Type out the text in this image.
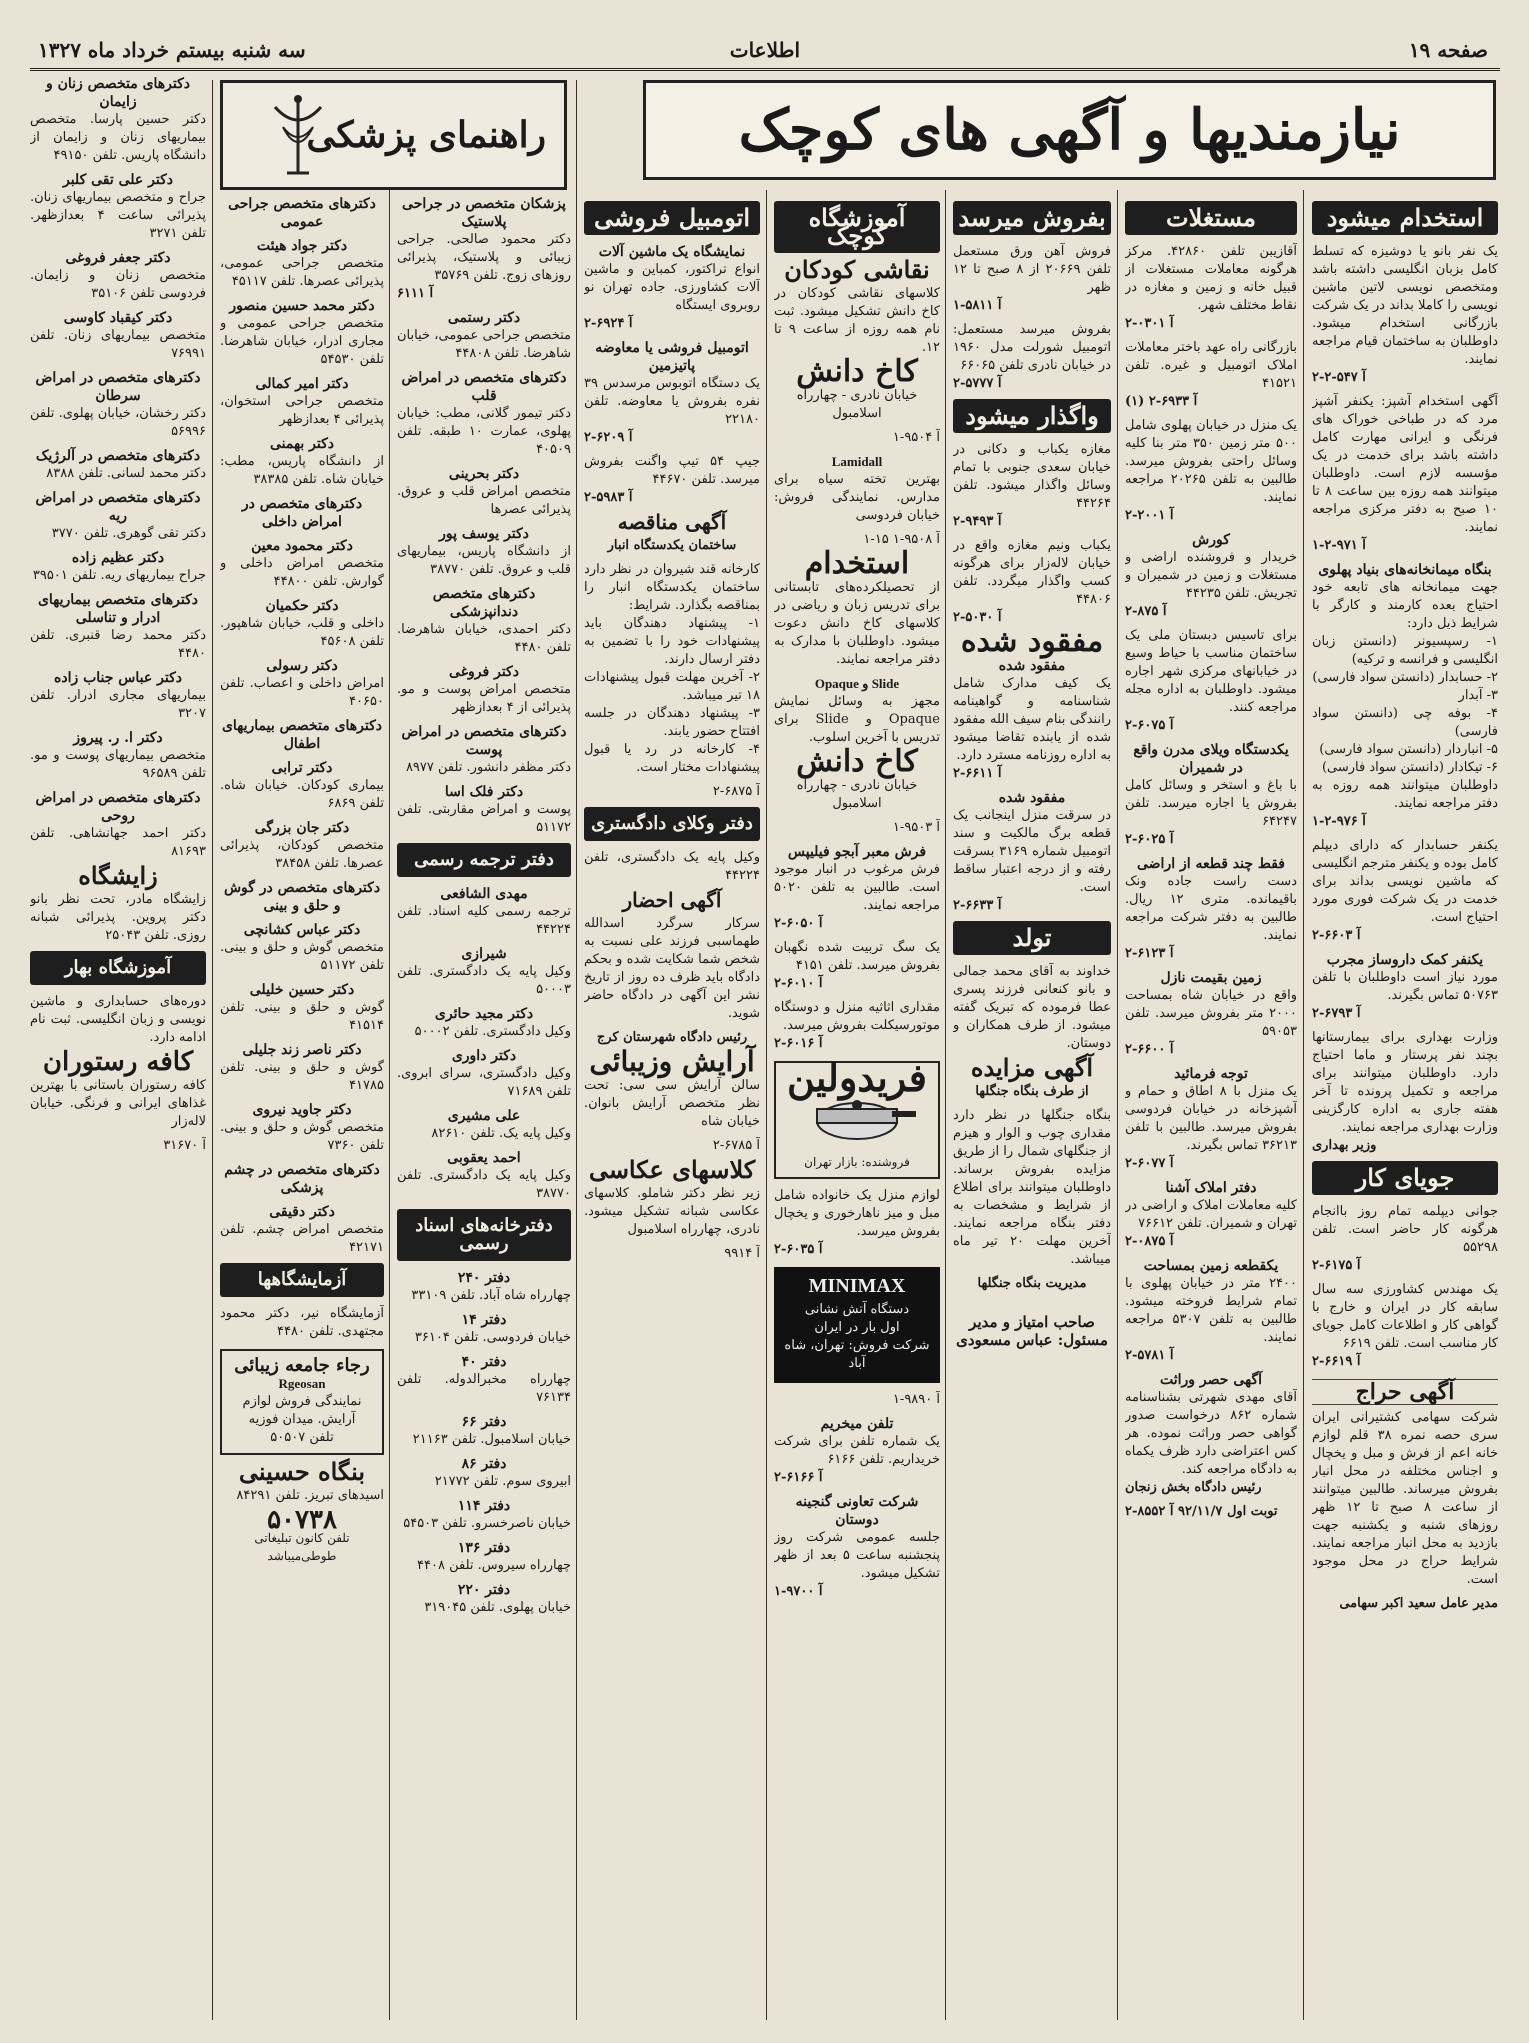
صفحه ۱۹
اطلاعات
سه شنبه بیستم خرداد ماه ۱۳۲۷
نیازمندیها و آگهی های کوچک
راهنمای پزشکی
استخدام میشود
یک نفر بانو یا دوشیزه که تسلط کامل بزبان انگلیسی داشته باشد ومتخصص نویسی لاتین ماشین نویسی را کاملا بداند در یک شرکت بازرگانی استخدام میشود. داوطلبان به ساختمان قیام مراجعه نمایند.
آ ۵۴۷-۲-۲
آگهی استخدام آشپز: یکنفر آشپز مرد که در طباخی خوراک های فرنگی و ایرانی مهارت کامل داشته باشد برای خدمت در یک مؤسسه لازم است. داوطلبان میتوانند همه روزه بین ساعت ۸ تا ۱۰ صبح به دفتر مرکزی مراجعه نمایند.
آ ۹۷۱-۲-۱
بنگاه میمانخانه‌های بنیاد پهلوی
جهت میمانخانه های تابعه خود احتیاج بعده کارمند و کارگر با شرایط ذیل دارد:
۱- رسپسیونر (دانستن زبان انگلیسی و فرانسه و ترکیه)
۲- حسابدار (دانستن سواد فارسی)
۳- آبدار
۴- بوفه چی (دانستن سواد فارسی)
۵- انباردار (دانستن سواد فارسی)
۶- تیکادار (دانستن سواد فارسی)
داوطلبان میتوانند همه روزه به دفتر مراجعه نمایند.
آ ۹۷۶-۲-۱
یکنفر حسابدار که دارای دیپلم کامل بوده و یکنفر مترجم انگلیسی که ماشین نویسی بداند برای خدمت در یک شرکت فوری مورد احتیاج است.
آ ۶۶۰۳-۲
یکنفر کمک داروساز مجرب
مورد نیاز است داوطلبان با تلفن ۵۰۷۶۳ تماس بگیرند.
آ ۶۷۹۳-۲
وزارت بهداری برای بیمارستانها بچند نفر پرستار و ماما احتیاج دارد. داوطلبان میتوانند برای مراجعه و تکمیل پرونده تا آخر هفته جاری به اداره کارگزینی وزارت بهداری مراجعه نمایند.
وزیر بهداری
جویای کار
جوانی دیپلمه تمام روز باانجام هرگونه کار حاضر است. تلفن ۵۵۲۹۸
آ ۶۱۷۵-۲
یک مهندس کشاورزی سه سال سابقه کار در ایران و خارج با گواهی کار و اطلاعات کامل جویای کار مناسب است. تلفن ۶۶۱۹
آ ۶۶۱۹-۲
آگهی حراج
شرکت سهامی کشتیرانی ایران سری حصه نمره ۳۸ قلم لوازم خانه اعم از فرش و مبل و یخچال و اجناس مختلفه در محل انبار بفروش میرساند. طالبین میتوانند از ساعت ۸ صبح تا ۱۲ ظهر روزهای شنبه و یکشنبه جهت بازدید به محل انبار مراجعه نمایند. شرایط حراج در محل موجود است.
مدیر عامل سعید اکبر سهامی
مستغلات
آقازیبن تلفن ۴۲۸۶۰. مرکز هرگونه معاملات مستغلات از قبیل خانه و زمین و مغازه در نقاط مختلف شهر.
آ ۰۳۰۱-۲
بازرگانی راه عهد باختر معاملات املاک اتومبیل و غیره. تلفن ۴۱۵۲۱
(۱) آ ۶۹۳۳-۲
یک منزل در خیابان پهلوی شامل ۵۰۰ متر زمین ۳۵۰ متر بنا کلیه وسائل راحتی بفروش میرسد. طالبین به تلفن ۲۰۲۶۵ مراجعه نمایند.
آ ۲۰۰۱-۲
کورش
خریدار و فروشنده اراضی و مستغلات و زمین در شمیران و تجریش. تلفن ۴۴۲۳۵
آ ۸۷۵-۲
برای تاسیس دبستان ملی یک ساختمان مناسب با حیاط وسیع در خیابانهای مرکزی شهر اجاره میشود. داوطلبان به اداره مجله مراجعه کنند.
آ ۶۰۷۵-۲
یکدستگاه ویلای مدرن واقع در شمیران
با باغ و استخر و وسائل کامل بفروش یا اجاره میرسد. تلفن ۶۴۲۴۷
آ ۶۰۲۵-۲
فقط چند قطعه از اراضی
دست راست جاده ونک باقیمانده. متری ۱۲ ریال. طالبین به دفتر شرکت مراجعه نمایند.
آ ۶۱۲۳-۲
زمین بقیمت نازل
واقع در خیابان شاه بمساحت ۲۰۰۰ متر بفروش میرسد. تلفن ۵۹۰۵۳
آ ۶۶۰۰-۲
توجه فرمائید
یک منزل با ۸ اطاق و حمام و آشپزخانه در خیابان فردوسی بفروش میرسد. طالبین با تلفن ۳۶۲۱۳ تماس بگیرند.
آ ۶۰۷۷-۲
دفتر املاک آشنا
کلیه معاملات املاک و اراضی در تهران و شمیران. تلفن ۷۶۶۱۲
آ ۰۸۷۵-۲
یکقطعه زمین بمساحت
۲۴۰۰ متر در خیابان پهلوی با تمام شرایط فروخته میشود. طالبین به تلفن ۵۳۰۷ مراجعه نمایند.
آ ۵۷۸۱-۲
آگهی حصر وراثت
آقای مهدی شهرتی بشناسنامه شماره ۸۶۲ درخواست صدور گواهی حصر وراثت نموده. هر کس اعتراضی دارد ظرف یکماه به دادگاه مراجعه کند.
رئیس دادگاه بخش زنجان
توبت اول ۹۲/۱۱/۷ آ ۸۵۵۲-۲
بفروش میرسد
فروش آهن ورق مستعمل تلفن ۲۰۶۶۹ از ۸ صبح تا ۱۲ ظهر
آ ۵۸۱۱-۱
بفروش میرسد مستعمل: اتومبیل شورلت مدل ۱۹۶۰ در خیابان نادری تلفن ۶۶۰۶۵
آ ۵۷۷۷-۲
واگذار میشود
مغازه یکباب و دکانی در خیابان سعدی جنوبی با تمام وسائل واگذار میشود. تلفن ۴۴۲۶۴
آ ۹۴۹۳-۲
یکباب ونیم مغازه واقع در خیابان لاله‌زار برای هرگونه کسب واگذار میگردد. تلفن ۴۴۸۰۶
آ ۵۰۳۰-۲
مفقود شده
مفقود شده
یک کیف مدارک شامل شناسنامه و گواهینامه رانندگی بنام سیف الله مفقود شده از یابنده تقاضا میشود به اداره روزنامه مسترد دارد.
آ ۶۶۱۱-۲
مفقود شده
در سرقت منزل اینجانب یک قطعه برگ مالکیت و سند اتومبیل شماره ۳۱۶۹ بسرقت رفته و از درجه اعتبار ساقط است.
آ ۶۶۳۳-۲
تولد
خداوند به آقای محمد جمالی و بانو کنعانی فرزند پسری عطا فرموده که تبریک گفته میشود. از طرف همکاران و دوستان.
آگهی مزایده
از طرف بنگاه جنگلها
بنگاه جنگلها در نظر دارد مقداری چوب و الوار و هیزم از جنگلهای شمال را از طریق مزایده بفروش برساند. داوطلبان میتوانند برای اطلاع از شرایط و مشخصات به دفتر بنگاه مراجعه نمایند. آخرین مهلت ۲۰ تیر ماه میباشد.
مدیریت بنگاه جنگلها
صاحب امتیاز و مدیر مسئول: عباس مسعودی
آموزشگاه کوچک
نقاشی کودکان
کلاسهای نقاشی کودکان در کاخ دانش تشکیل میشود. ثبت نام همه روزه از ساعت ۹ تا ۱۲.
کاخ دانش
خیابان نادری - چهارراه اسلامبول
آ ۹۵۰۴-۱
Lamidall
بهترین تخته سیاه برای مدارس. نمایندگی فروش: خیابان فردوسی
آ ۹۵۰۸-۱ ۱۵-۱
استخدام
از تحصیلکرده‌های تابستانی برای تدریس زبان و ریاضی در کلاسهای کاخ دانش دعوت میشود. داوطلبان با مدارک به دفتر مراجعه نمایند.
Opaque و Slide
مجهز به وسائل نمایش Opaque و Slide برای تدریس با آخرین اسلوب.
کاخ دانش
خیابان نادری - چهارراه اسلامبول
آ ۹۵۰۳-۱
فرش معبر آبجو فیلیپس
فرش مرغوب در انبار موجود است. طالبین به تلفن ۵۰۲۰ مراجعه نمایند.
آ ۶۰۵۰-۲
یک سگ تربیت شده نگهبان بفروش میرسد. تلفن ۴۱۵۱
آ ۶۰۱۰-۲
مقداری اثاثیه منزل و دوستگاه موتورسیکلت بفروش میرسد.
آ ۶۰۱۶-۲
فریدولین
فروشنده: بازار تهران
لوازم منزل یک خانواده شامل مبل و میز ناهارخوری و یخچال بفروش میرسد.
آ ۶۰۳۵-۲
MINIMAX
دستگاه آتش نشانی
اول بار در ایران
شرکت فروش: تهران، شاه آباد
آ ۹۸۹۰-۱
تلفن میخریم
یک شماره تلفن برای شرکت خریداریم. تلفن ۶۱۶۶
آ ۶۱۶۶-۲
شرکت تعاونی گنجینه دوستان
جلسه عمومی شرکت روز پنجشنبه ساعت ۵ بعد از ظهر تشکیل میشود.
آ ۹۷۰۰-۱
اتومبیل فروشی
نمایشگاه یک ماشین آلات
انواع تراکتور، کمباین و ماشین آلات کشاورزی. جاده تهران نو روبروی ایستگاه
آ ۶۹۲۴-۲
اتومبیل فروشی یا معاوضه پاتیزمین
یک دستگاه اتوبوس مرسدس ۳۹ نفره بفروش یا معاوضه. تلفن ۲۲۱۸۰
آ ۶۲۰۹-۲
جیپ ۵۴ تیپ واگنت بفروش میرسد. تلفن ۴۴۶۷۰
آ ۵۹۸۳-۲
آگهی مناقصه
ساختمان یکدستگاه انبار
کارخانه قند شیروان در نظر دارد ساختمان یکدستگاه انبار را بمناقصه بگذارد. شرایط:
۱- پیشنهاد دهندگان باید پیشنهادات خود را با تضمین به دفتر ارسال دارند.
۲- آخرین مهلت قبول پیشنهادات ۱۸ تیر میباشد.
۳- پیشنهاد دهندگان در جلسه افتتاح حضور یابند.
۴- کارخانه در رد یا قبول پیشنهادات مختار است.
آ ۶۸۷۵-۲
دفتر وکلای دادگستری
وکیل پایه یک دادگستری، تلفن ۴۴۲۲۴
آگهی احضار
سرکار سرگرد اسدالله طهماسبی فرزند علی نسبت به شخص شما شکایت شده و بحکم دادگاه باید ظرف ده روز از تاریخ نشر این آگهی در دادگاه حاضر شوید.
رئیس دادگاه شهرستان کرج
آرایش وزیبائی
سالن آرایش سی سی: تحت نظر متخصص آرایش بانوان. خیابان شاه
آ ۶۷۸۵-۲
کلاسهای عکاسی
زیر نظر دکتر شاملو. کلاسهای عکاسی شبانه تشکیل میشود. نادری، چهارراه اسلامبول
آ ۹۹۱۴
پزشکان متخصص در جراحی پلاستیک
دکتر محمود صالحی. جراحی زیبائی و پلاستیک، پذیرائی روزهای زوج. تلفن ۳۵۷۶۹
آ ۶۱۱۱
دکتر رستمی
متخصص جراحی عمومی، خیابان شاهرضا. تلفن ۴۴۸۰۸
دکترهای متخصص در امراض قلب
دکتر تیمور گلانی، مطب: خیابان پهلوی، عمارت ۱۰ طبقه. تلفن ۴۰۵۰۹
دکتر بحرینی
متخصص امراض قلب و عروق. پذیرائی عصرها
دکتر یوسف پور
از دانشگاه پاریس، بیماریهای قلب و عروق. تلفن ۳۸۷۷۰
دکترهای متخصص دندانپزشکی
دکتر احمدی، خیابان شاهرضا. تلفن ۴۴۸۰
دکتر فروغی
متخصص امراض پوست و مو. پذیرائی از ۴ بعدازظهر
دکترهای متخصص در امراض پوست
دکتر مظفر دانشور. تلفن ۸۹۷۷
دکتر فلک اسا
پوست و امراض مقاربتی. تلفن ۵۱۱۷۲
دفتر ترجمه رسمی
مهدی الشافعی
ترجمه رسمی کلیه اسناد. تلفن ۴۴۲۲۴
شیرازی
وکیل پایه یک دادگستری. تلفن ۵۰۰۰۳
دکتر مجید حائری
وکیل دادگستری. تلفن ۵۰۰۰۲
دکتر داوری
وکیل دادگستری، سرای ابروی. تلفن ۷۱۶۸۹
علی مشیری
وکیل پایه یک. تلفن ۸۲۶۱۰
احمد یعقوبی
وکیل پایه یک دادگستری. تلفن ۳۸۷۷۰
دفترخانه‌های اسناد رسمی
دفتر ۲۴۰
چهارراه شاه آباد. تلفن ۳۳۱۰۹
دفتر ۱۴
خیابان فردوسی. تلفن ۳۶۱۰۴
دفتر ۴۰
چهارراه مخبرالدوله. تلفن ۷۶۱۳۴
دفتر ۶۶
خیابان اسلامبول. تلفن ۲۱۱۶۳
دفتر ۸۶
ابیروی سوم. تلفن ۲۱۷۷۲
دفتر ۱۱۴
خیابان ناصرخسرو. تلفن ۵۴۵۰۳
دفتر ۱۳۶
چهارراه سیروس. تلفن ۴۴۰۸
دفتر ۲۲۰
خیابان پهلوی. تلفن ۳۱۹۰۴۵
دکترهای متخصص جراحی عمومی
دکتر جواد هیئت
متخصص جراحی عمومی، پذیرائی عصرها. تلفن ۴۵۱۱۷
دکتر محمد حسین منصور
متخصص جراحی عمومی و مجاری ادرار، خیابان شاهرضا. تلفن ۵۴۵۳۰
دکتر امیر کمالی
متخصص جراحی استخوان، پذیرائی ۴ بعدازظهر
دکتر بهمنی
از دانشگاه پاریس، مطب: خیابان شاه. تلفن ۳۸۳۸۵
دکترهای متخصص در امراض داخلی
دکتر محمود معین
متخصص امراض داخلی و گوارش. تلفن ۴۴۸۰۰
دکتر حکمیان
داخلی و قلب، خیابان شاهپور. تلفن ۴۵۶۰۸
دکتر رسولی
امراض داخلی و اعصاب. تلفن ۴۰۶۵۰
دکترهای متخصص بیماریهای اطفال
دکتر ترابی
بیماری کودکان. خیابان شاه. تلفن ۶۸۶۹
دکتر جان بزرگی
متخصص کودکان، پذیرائی عصرها. تلفن ۳۸۴۵۸
دکترهای متخصص در گوش و حلق و بینی
دکتر عباس کشانچی
متخصص گوش و حلق و بینی. تلفن ۵۱۱۷۲
دکتر حسین خلیلی
گوش و حلق و بینی. تلفن ۴۱۵۱۴
دکتر ناصر زند جلیلی
گوش و حلق و بینی. تلفن ۴۱۷۸۵
دکتر جاوید نیروی
متخصص گوش و حلق و بینی. تلفن ۷۳۶۰
دکترهای متخصص در چشم پزشکی
دکتر دقیقی
متخصص امراض چشم. تلفن ۴۲۱۷۱
آزمایشگاهها
آزمایشگاه نیر، دکتر محمود مجتهدی. تلفن ۴۴۸۰
رجاء جامعه زیبائی
Rgeosan
نمایندگی فروش لوازم آرایش. میدان فوزیه
تلفن ۵۰۵۰۷
بنگاه حسینی
اسیدهای تبریز. تلفن ۸۴۲۹۱
۵۰۷۳۸
تلفن کانون تبلیغاتی طوطی‌میباشد
دکترهای متخصص زنان و زایمان
دکتر حسین پارسا. متخصص بیماریهای زنان و زایمان از دانشگاه پاریس. تلفن ۴۹۱۵۰
دکتر علی تقی کلبر
جراح و متخصص بیماریهای زنان. پذیرائی ساعت ۴ بعدازظهر. تلفن ۳۲۷۱
دکتر جعفر فروغی
متخصص زنان و زایمان. فردوسی تلفن ۳۵۱۰۶
دکتر کیقباد کاوسی
متخصص بیماریهای زنان. تلفن ۷۶۹۹۱
دکترهای متخصص در امراض سرطان
دکتر رخشان، خیابان پهلوی. تلفن ۵۶۹۹۶
دکترهای متخصص در آلرژیک
دکتر محمد لسانی. تلفن ۸۳۸۸
دکترهای متخصص در امراض ریه
دکتر تقی گوهری. تلفن ۳۷۷۰
دکتر عظیم زاده
جراح بیماریهای ریه. تلفن ۳۹۵۰۱
دکترهای متخصص بیماریهای ادرار و تناسلی
دکتر محمد رضا قنبری. تلفن ۴۴۸۰
دکتر عباس جناب زاده
بیماریهای مجاری ادرار. تلفن ۳۲۰۷
دکتر ا. ر. پیروز
متخصص بیماریهای پوست و مو. تلفن ۹۶۵۸۹
دکترهای متخصص در امراض روحی
دکتر احمد جهانشاهی. تلفن ۸۱۶۹۳
زایشگاه
زایشگاه مادر، تحت نظر بانو دکتر پروین. پذیرائی شبانه روزی. تلفن ۲۵۰۴۳
آموزشگاه بهار
دوره‌های حسابداری و ماشین نویسی و زبان انگلیسی. ثبت نام ادامه دارد.
کافه رستوران
کافه رستوران باستانی با بهترین غذاهای ایرانی و فرنگی. خیابان لاله‌زار
آ ۳۱۶۷۰
